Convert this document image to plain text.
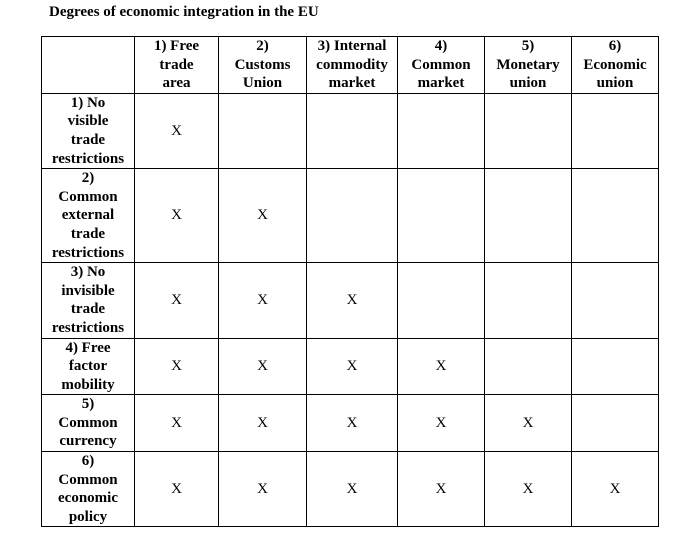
Degrees of economic integration in the EU

	1) Free
trade
area	2)
Customs
Union	3) Internal
commodity
market	4)
Common
market	5)
Monetary
union	6)
Economic
union

1) No
visible
trade
restrictions	X					

2)
Common
external
trade
restrictions	X	X				

3) No
invisible
trade
restrictions	X	X	X			

4) Free
factor
mobility	X	X	X	X		

5)
Common
currency	X	X	X	X	X	

6)
Common
economic
policy	X	X	X	X	X	X
